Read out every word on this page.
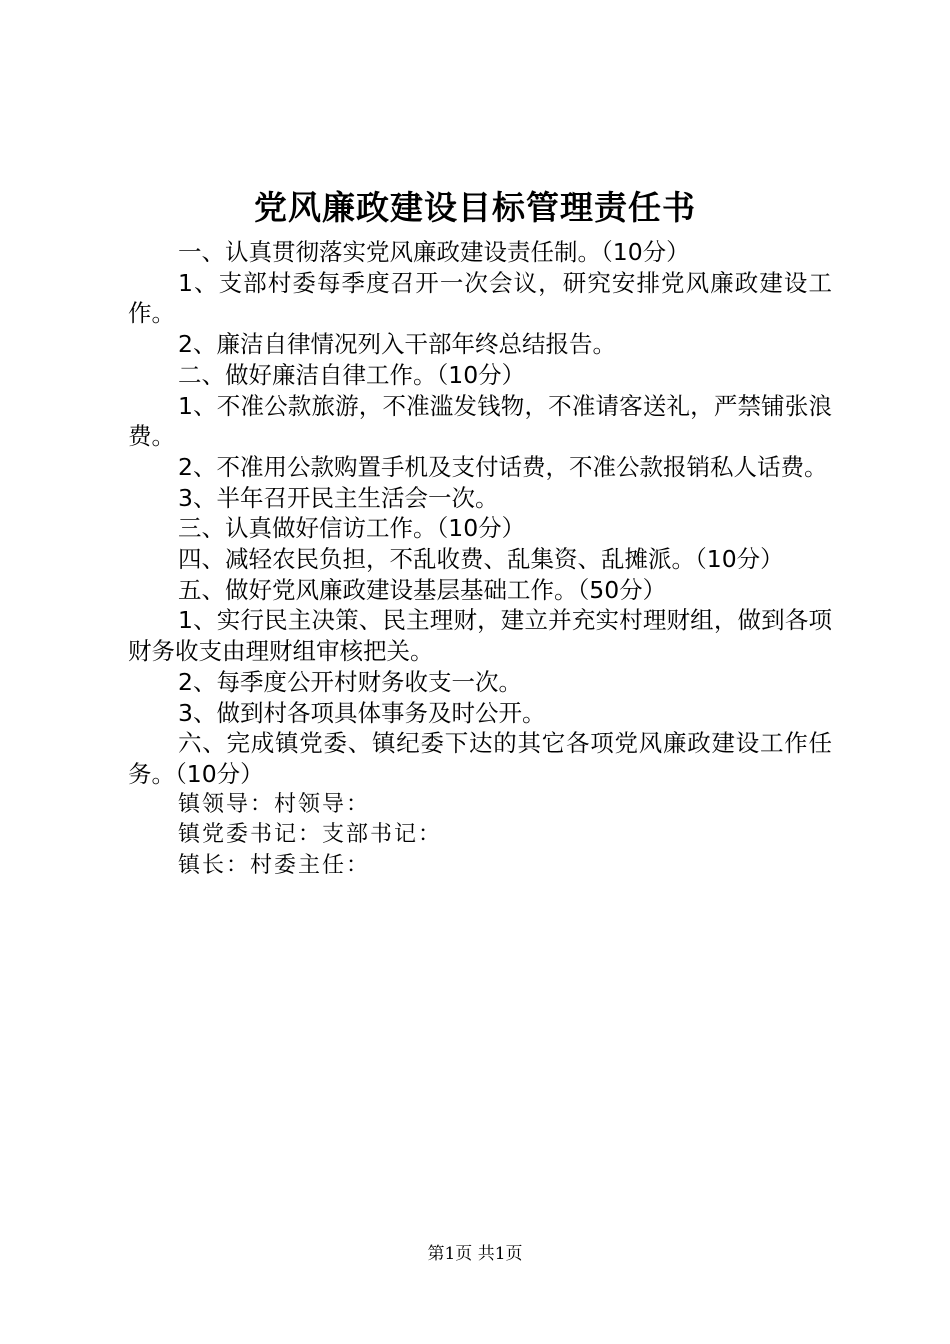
党风廉政建设目标管理责任书

一、认真贯彻落实党风廉政建设责任制。（10分）

1、支部村委每季度召开一次会议，研究安排党风廉政建设工作。

2、廉洁自律情况列入干部年终总结报告。

二、做好廉洁自律工作。（10分）

1、不准公款旅游，不准滥发钱物，不准请客送礼，严禁铺张浪费。

2、不准用公款购置手机及支付话费，不准公款报销私人话费。

3、半年召开民主生活会一次。

三、认真做好信访工作。（10分）

四、减轻农民负担，不乱收费、乱集资、乱摊派。（10分）

五、做好党风廉政建设基层基础工作。（50分）

1、实行民主决策、民主理财，建立并充实村理财组，做到各项财务收支由理财组审核把关。

2、每季度公开村财务收支一次。

3、做到村各项具体事务及时公开。

六、完成镇党委、镇纪委下达的其它各项党风廉政建设工作任务。（10分）

镇领导：村领导：

镇党委书记：支部书记：

镇长：村委主任：

第1页 共1页
